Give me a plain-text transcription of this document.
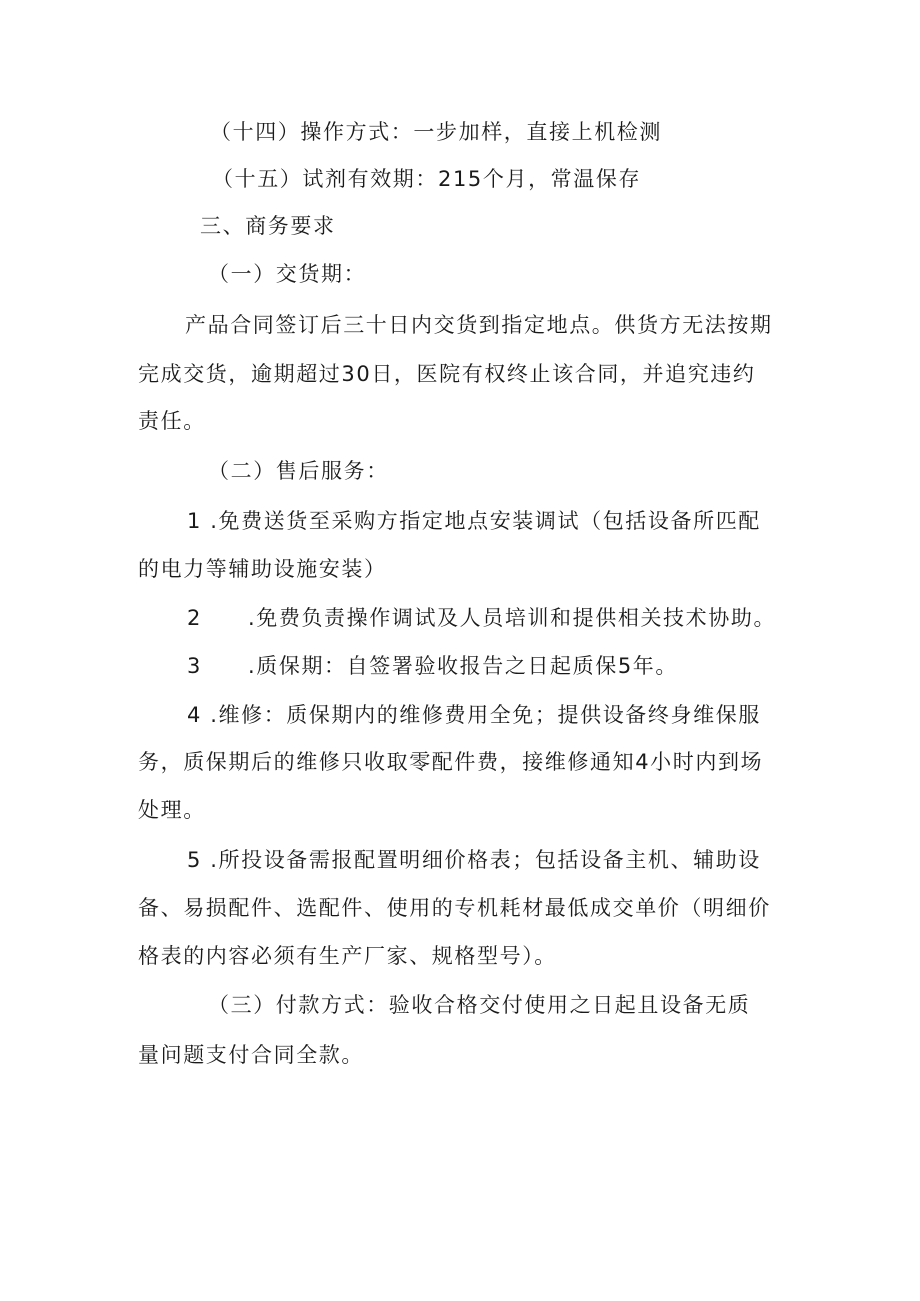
（十四）操作方式：一步加样，直接上机检测

（十五）试剂有效期：215个月，常温保存

三、商务要求

（一）交货期：

产品合同签订后三十日内交货到指定地点。供货方无法按期

完成交货，逾期超过30日，医院有权终止该合同，并追究违约

责任。

（二）售后服务：

1 .免费送货至采购方指定地点安装调试（包括设备所匹配

的电力等辅助设施安装）

2 .免费负责操作调试及人员培训和提供相关技术协助。

3 .质保期：自签署验收报告之日起质保5年。

4 .维修：质保期内的维修费用全免；提供设备终身维保服

务，质保期后的维修只收取零配件费，接维修通知4小时内到场

处理。

5 .所投设备需报配置明细价格表；包括设备主机、辅助设

备、易损配件、选配件、使用的专机耗材最低成交单价（明细价

格表的内容必须有生产厂家、规格型号）。

（三）付款方式：验收合格交付使用之日起且设备无质

量问题支付合同全款。
